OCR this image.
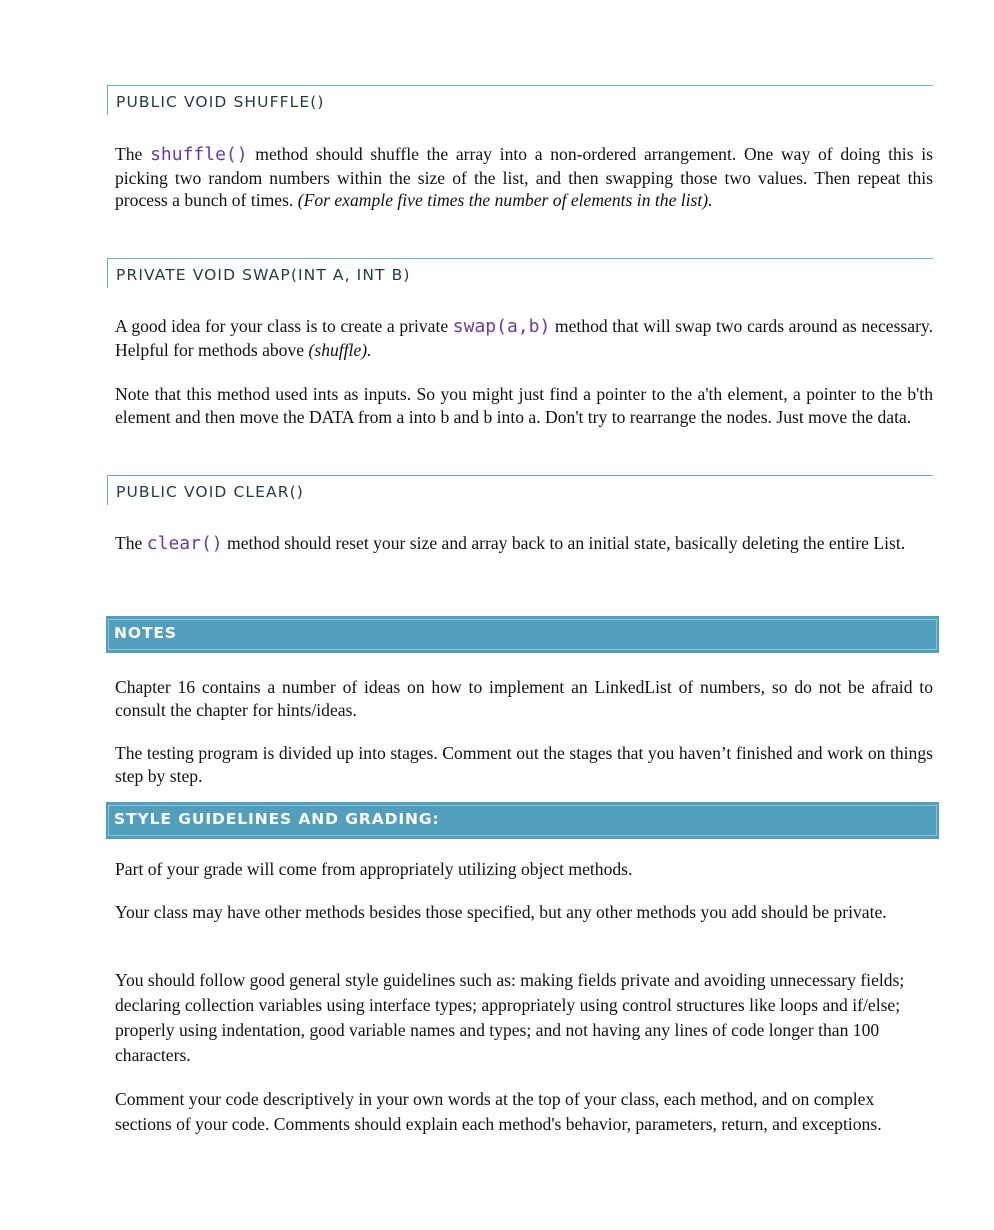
PUBLIC VOID SHUFFLE()
The shuffle() method should shuffle the array into a non-ordered arrangement. One way of doing this is picking two random numbers within the size of the list, and then swapping those two values. Then repeat this process a bunch of times. (For example five times the number of elements in the list).
PRIVATE VOID SWAP(INT A, INT B)
A good idea for your class is to create a private swap(a,b) method that will swap two cards around as necessary. Helpful for methods above (shuffle).
Note that this method used ints as inputs. So you might just find a pointer to the a'th element, a pointer to the b'th element and then move the DATA from a into b and b into a. Don't try to rearrange the nodes. Just move the data.
PUBLIC VOID CLEAR()
The clear() method should reset your size and array back to an initial state, basically deleting the entire List.
NOTES
Chapter 16 contains a number of ideas on how to implement an LinkedList of numbers, so do not be afraid to consult the chapter for hints/ideas.
The testing program is divided up into stages. Comment out the stages that you haven’t finished and work on things step by step.
STYLE GUIDELINES AND GRADING:
Part of your grade will come from appropriately utilizing object methods.
Your class may have other methods besides those specified, but any other methods you add should be private.
You should follow good general style guidelines such as: making fields private and avoiding unnecessary fields; declaring collection variables using interface types; appropriately using control structures like loops and if/else; properly using indentation, good variable names and types; and not having any lines of code longer than 100 characters.
Comment your code descriptively in your own words at the top of your class, each method, and on complex sections of your code. Comments should explain each method's behavior, parameters, return, and exceptions.
